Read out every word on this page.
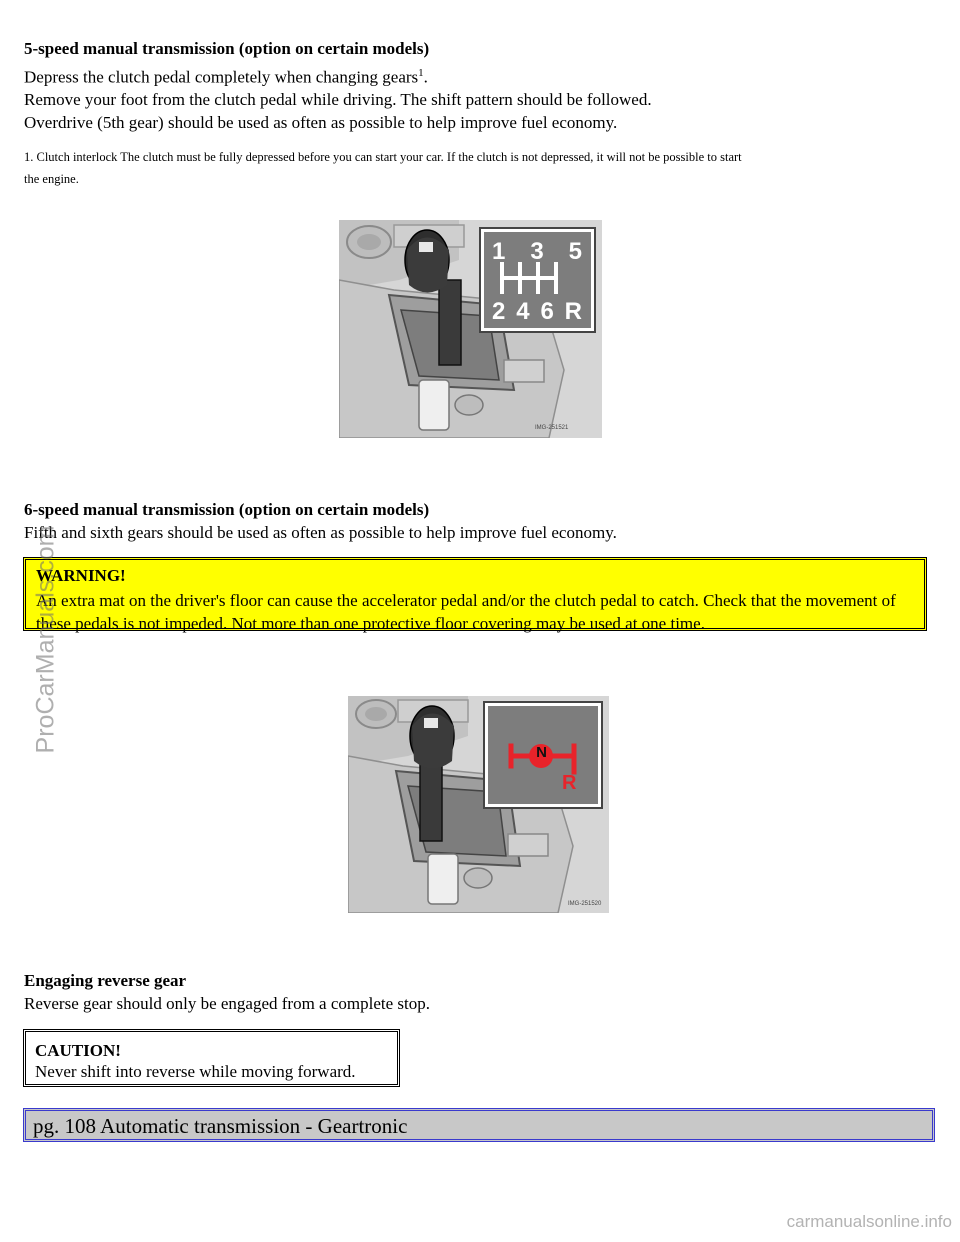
5-speed manual transmission (option on certain models)
Depress the clutch pedal completely when changing gears$^1$.
Remove your foot from the clutch pedal while driving. The shift pattern should be followed.
Overdrive (5th gear) should be used as often as possible to help improve fuel economy.
1. Clutch interlock The clutch must be fully depressed before you can start your car. If the clutch is not depressed, it will not be possible to start
the engine.
1 3 5
2 4 6 R
IMG-251521
6-speed manual transmission (option on certain models)
Fifth and sixth gears should be used as often as possible to help improve fuel economy.
WARNING!
An extra mat on the driver's floor can cause the accelerator pedal and/or the clutch pedal to catch. Check that the movement of these pedals is not impeded. Not more than one protective floor covering may be used at one time.
N
R
IMG-251520
Engaging reverse gear
Reverse gear should only be engaged from a complete stop.
CAUTION!
Never shift into reverse while moving forward.
pg. 108 Automatic transmission - Geartronic
ProCarManuals.com
carmanualsonline.info
